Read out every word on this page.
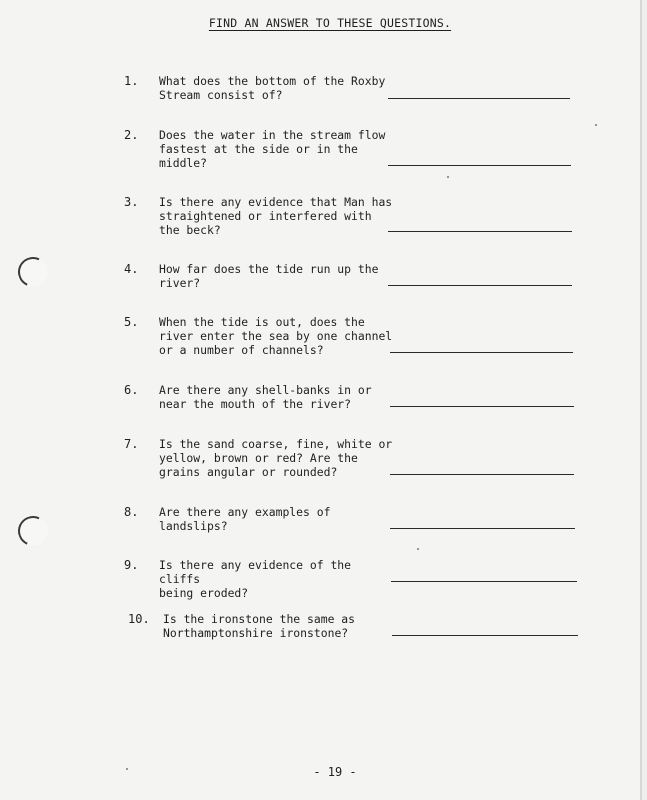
FIND AN ANSWER TO THESE QUESTIONS.
1. What does the bottom of the Roxby
Stream consist of?
2. Does the water in the stream flow
fastest at the side or in the
middle?
3. Is there any evidence that Man has
straightened or interfered with
the beck?
4. How far does the tide run up the
river?
5. When the tide is out, does the
river enter the sea by one channel
or a number of channels?
6. Are there any shell-banks in or
near the mouth of the river?
7. Is the sand coarse, fine, white or
yellow, brown or red? Are the
grains angular or rounded?
8. Are there any examples of
landslips?
9. Is there any evidence of the cliffs
being eroded?
10. Is the ironstone the same as
Northamptonshire ironstone?
- 19 -
